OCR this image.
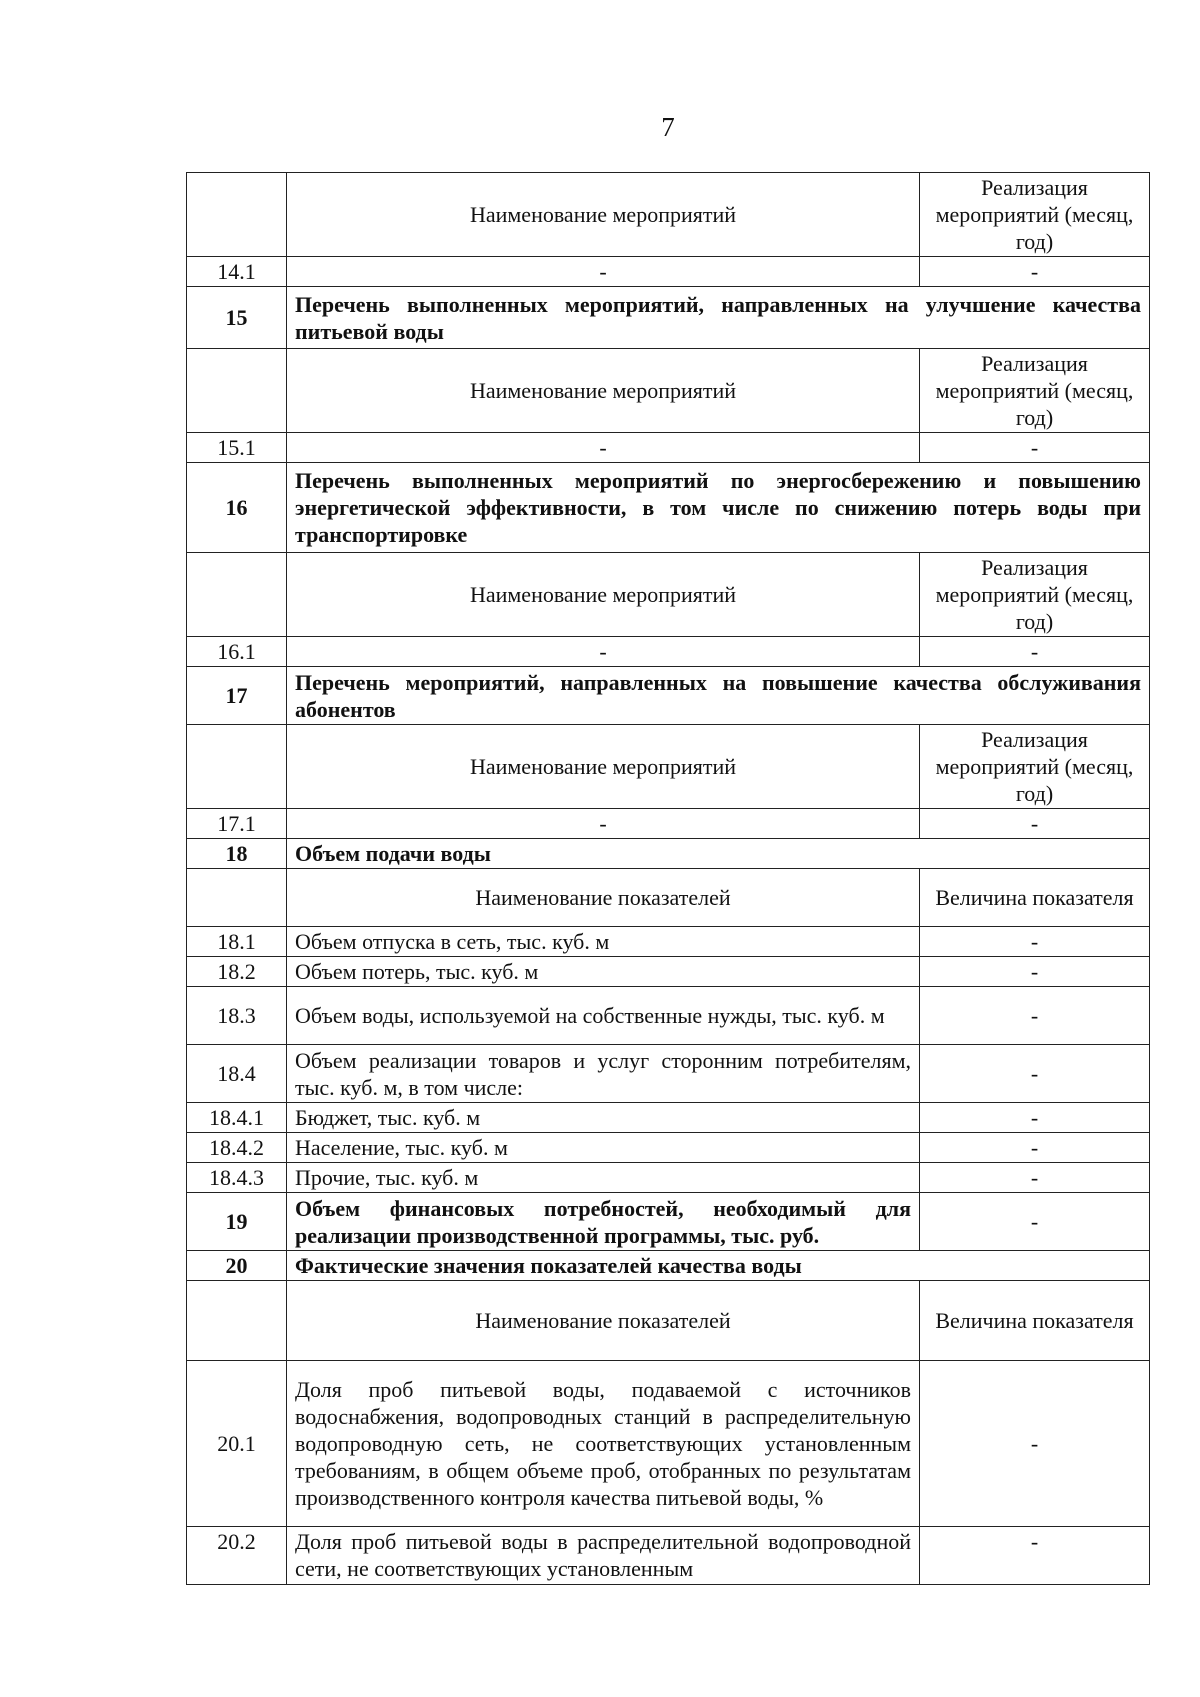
7
	Наименование мероприятий	Реализация мероприятий (месяц, год)
14.1	-	-
15	Перечень выполненных мероприятий, направленных на улучшение качества питьевой воды	
	Наименование мероприятий	Реализация мероприятий (месяц, год)
15.1	-	-
16	Перечень выполненных мероприятий по энергосбережению и повышению энергетической эффективности, в том числе по снижению потерь воды при транспортировке	
	Наименование мероприятий	Реализация мероприятий (месяц, год)
16.1	-	-
17	Перечень мероприятий, направленных на повышение качества обслуживания абонентов	
	Наименование мероприятий	Реализация мероприятий (месяц, год)
17.1	-	-
18	Объем подачи воды	
	Наименование показателей	Величина показателя
18.1	Объем отпуска в сеть, тыс. куб. м	-
18.2	Объем потерь, тыс. куб. м	-
18.3	Объем воды, используемой на собственные нужды, тыс. куб. м	-
18.4	Объем реализации товаров и услуг сторонним потребителям, тыс. куб. м, в том числе:	-
18.4.1	Бюджет, тыс. куб. м	-
18.4.2	Население, тыс. куб. м	-
18.4.3	Прочие, тыс. куб. м	-
19	Объем финансовых потребностей, необходимый для реализации производственной программы, тыс. руб.	-
20	Фактические значения показателей качества воды	
	Наименование показателей	Величина показателя
20.1	Доля проб питьевой воды, подаваемой с источников водоснабжения, водопроводных станций в распределительную водопроводную сеть, не соответствующих установленным требованиям, в общем объеме проб, отобранных по результатам производственного контроля качества питьевой воды, %	-
20.2	Доля проб питьевой воды в распределительной водопроводной сети, не соответствующих установленным	-
